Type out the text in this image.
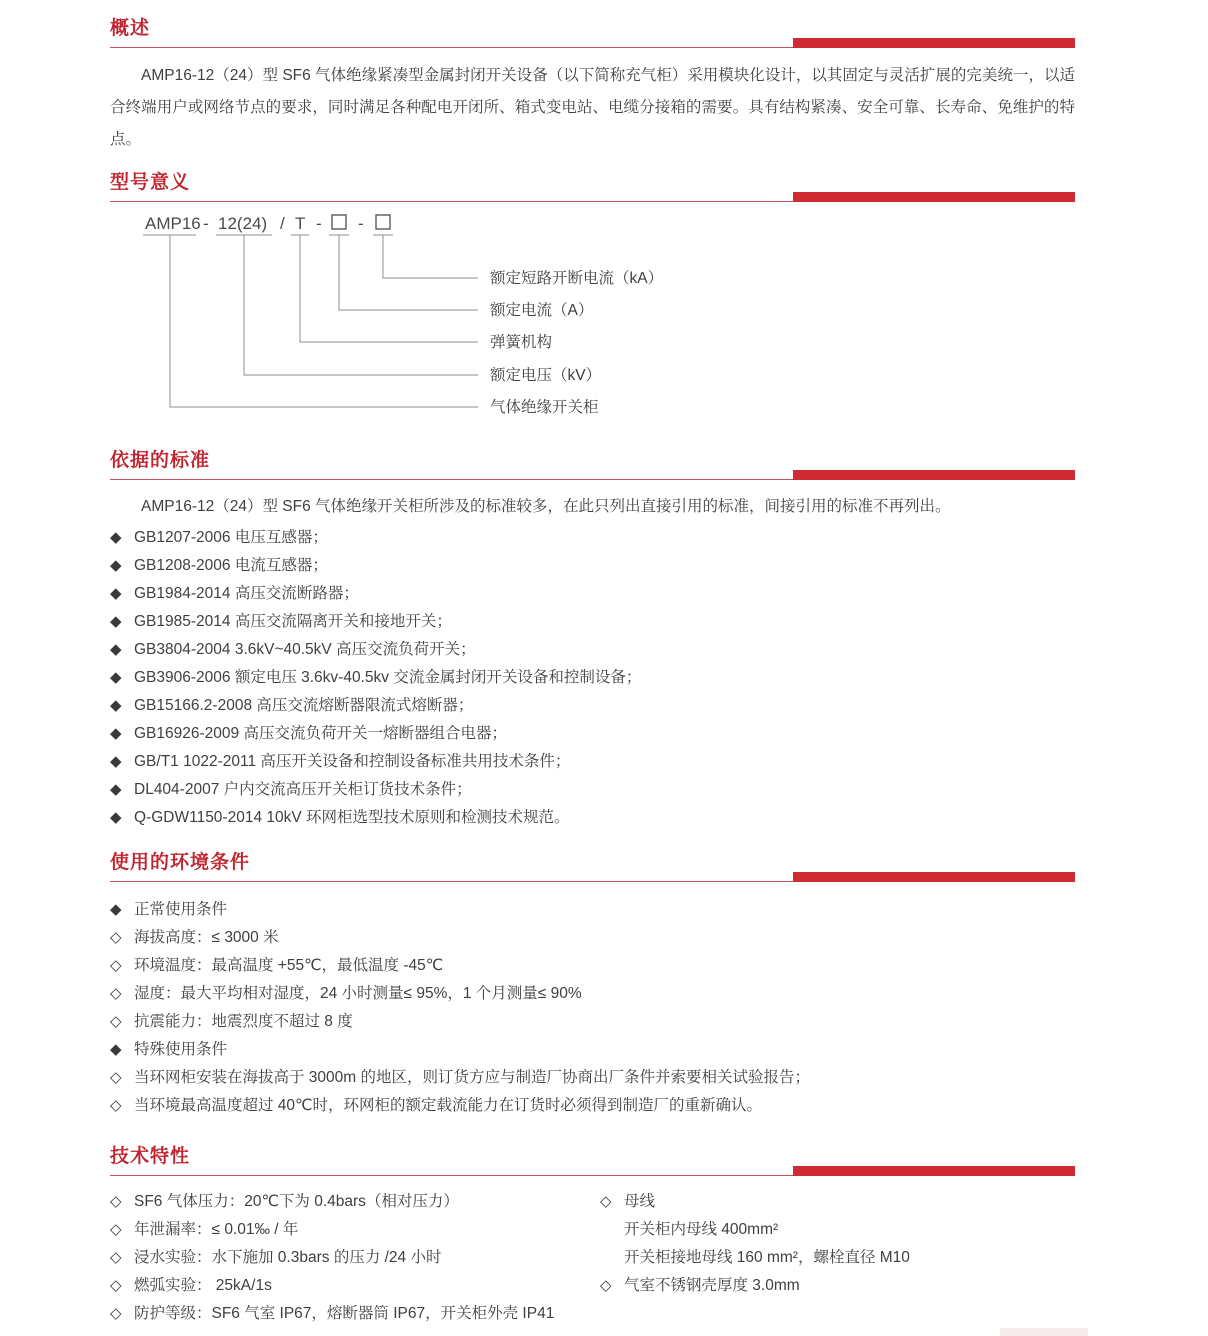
概述

AMP16-12（24）型 SF6 气体绝缘紧凑型金属封闭开关设备（以下简称充气柜）采用模块化设计，以其固定与灵活扩展的完美统一，以适合终端用户或网络节点的要求，同时满足各种配电开闭所、箱式变电站、电缆分接箱的需要。具有结构紧凑、安全可靠、长寿命、免维护的特点。

型号意义
AMP16 - 12(24) / T - -
额定短路开断电流（kA）
额定电流（A）
弹簧机构
额定电压（kV）
气体绝缘开关柜
依据的标准

AMP16-12（24）型 SF6 气体绝缘开关柜所涉及的标准较多，在此只列出直接引用的标准，间接引用的标准不再列出。

◆ GB1207-2006 电压互感器；
◆ GB1208-2006 电流互感器；
◆ GB1984-2014 高压交流断路器；
◆ GB1985-2014 高压交流隔离开关和接地开关；
◆ GB3804-2004 3.6kV~40.5kV 高压交流负荷开关；
◆ GB3906-2006 额定电压 3.6kv-40.5kv 交流金属封闭开关设备和控制设备；
◆ GB15166.2-2008 高压交流熔断器限流式熔断器；
◆ GB16926-2009 高压交流负荷开关一熔断器组合电器；
◆ GB/T1 1022-2011 高压开关设备和控制设备标准共用技术条件；
◆ DL404-2007 户内交流高压开关柜订货技术条件；
◆ Q-GDW1150-2014 10kV 环网柜选型技术原则和检测技术规范。
使用的环境条件
◆ 正常使用条件
◇ 海拔高度：≤ 3000 米
◇ 环境温度：最高温度 +55℃，最低温度 -45℃
◇ 湿度：最大平均相对湿度，24 小时测量≤ 95%，1 个月测量≤ 90%
◇ 抗震能力：地震烈度不超过 8 度
◆ 特殊使用条件
◇ 当环网柜安装在海拔高于 3000m 的地区，则订货方应与制造厂协商出厂条件并索要相关试验报告；
◇ 当环境最高温度超过 40℃时，环网柜的额定载流能力在订货时必须得到制造厂的重新确认。
技术特性
◇ SF6 气体压力：20℃下为 0.4bars（相对压力）
◇ 年泄漏率：≤ 0.01‰ / 年
◇ 浸水实验：水下施加 0.3bars 的压力 /24 小时
◇ 燃弧实验： 25kA/1s
◇ 防护等级：SF6 气室 IP67，熔断器筒 IP67，开关柜外壳 IP41
◇ 母线
开关柜内母线 400mm²
开关柜接地母线 160 mm²，螺栓直径 M10
◇ 气室不锈钢壳厚度 3.0mm
